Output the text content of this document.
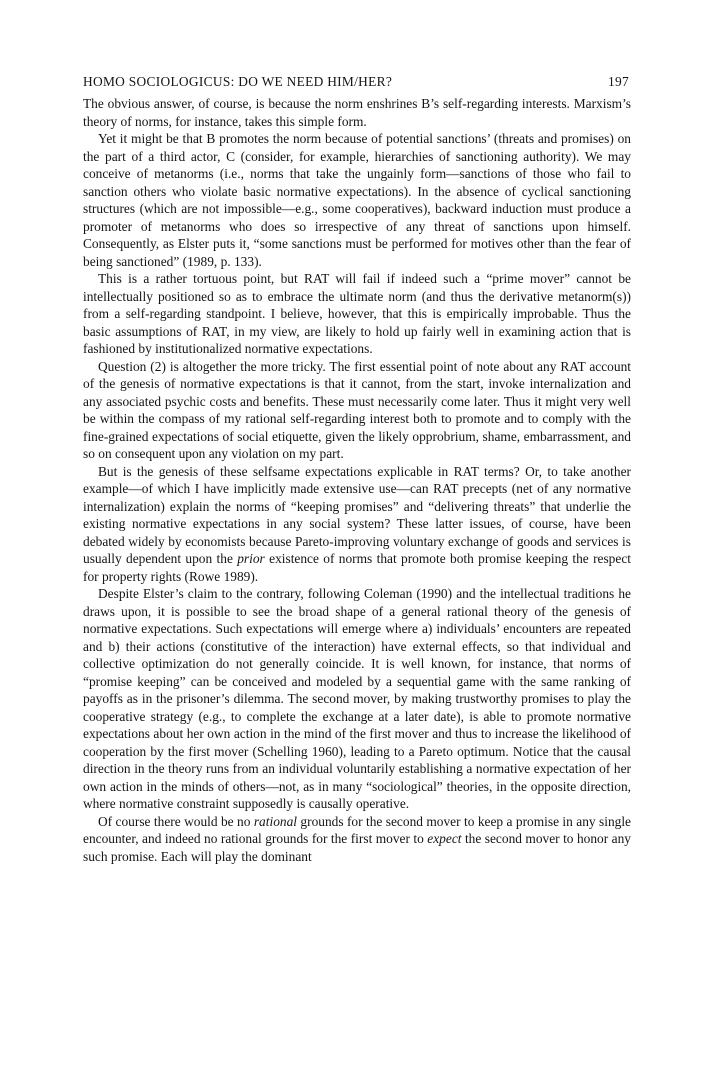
HOMO SOCIOLOGICUS: DO WE NEED HIM/HER?	197

The obvious answer, of course, is because the norm enshrines B’s self-regarding interests. Marxism’s theory of norms, for instance, takes this simple form.

Yet it might be that B promotes the norm because of potential sanctions’ (threats and promises) on the part of a third actor, C (consider, for example, hierarchies of sanctioning authority). We may conceive of metanorms (i.e., norms that take the ungainly form—sanctions of those who fail to sanction others who violate basic normative expectations). In the absence of cyclical sanctioning structures (which are not impossible—e.g., some cooperatives), backward induction must produce a promoter of metanorms who does so irrespective of any threat of sanctions upon himself. Consequently, as Elster puts it, “some sanctions must be performed for motives other than the fear of being sanctioned” (1989, p. 133).

This is a rather tortuous point, but RAT will fail if indeed such a “prime mover” cannot be intellectually positioned so as to embrace the ultimate norm (and thus the derivative metanorm(s)) from a self-regarding standpoint. I believe, however, that this is empirically improbable. Thus the basic assumptions of RAT, in my view, are likely to hold up fairly well in examining action that is fashioned by institutionalized normative expectations.

Question (2) is altogether the more tricky. The first essential point of note about any RAT account of the genesis of normative expectations is that it cannot, from the start, invoke internalization and any associated psychic costs and benefits. These must necessarily come later. Thus it might very well be within the compass of my rational self-regarding interest both to promote and to comply with the fine-grained expectations of social etiquette, given the likely opprobrium, shame, embarrassment, and so on consequent upon any violation on my part.

But is the genesis of these selfsame expectations explicable in RAT terms? Or, to take another example—of which I have implicitly made extensive use—can RAT precepts (net of any normative internalization) explain the norms of “keeping promises” and “delivering threats” that underlie the existing normative expectations in any social system? These latter issues, of course, have been debated widely by economists because Pareto-improving voluntary exchange of goods and services is usually dependent upon the prior existence of norms that promote both promise keeping the respect for property rights (Rowe 1989).

Despite Elster’s claim to the contrary, following Coleman (1990) and the intellectual traditions he draws upon, it is possible to see the broad shape of a general rational theory of the genesis of normative expectations. Such expectations will emerge where a) individuals’ encounters are repeated and b) their actions (constitutive of the interaction) have external effects, so that individual and collective optimization do not generally coincide. It is well known, for instance, that norms of “promise keeping” can be conceived and modeled by a sequential game with the same ranking of payoffs as in the prisoner’s dilemma. The second mover, by making trustworthy promises to play the cooperative strategy (e.g., to complete the exchange at a later date), is able to promote normative expectations about her own action in the mind of the first mover and thus to increase the likelihood of cooperation by the first mover (Schelling 1960), leading to a Pareto optimum. Notice that the causal direction in the theory runs from an individual voluntarily establishing a normative expectation of her own action in the minds of others—not, as in many “sociological” theories, in the opposite direction, where normative constraint supposedly is causally operative.

Of course there would be no rational grounds for the second mover to keep a promise in any single encounter, and indeed no rational grounds for the first mover to expect the second mover to honor any such promise. Each will play the dominant
